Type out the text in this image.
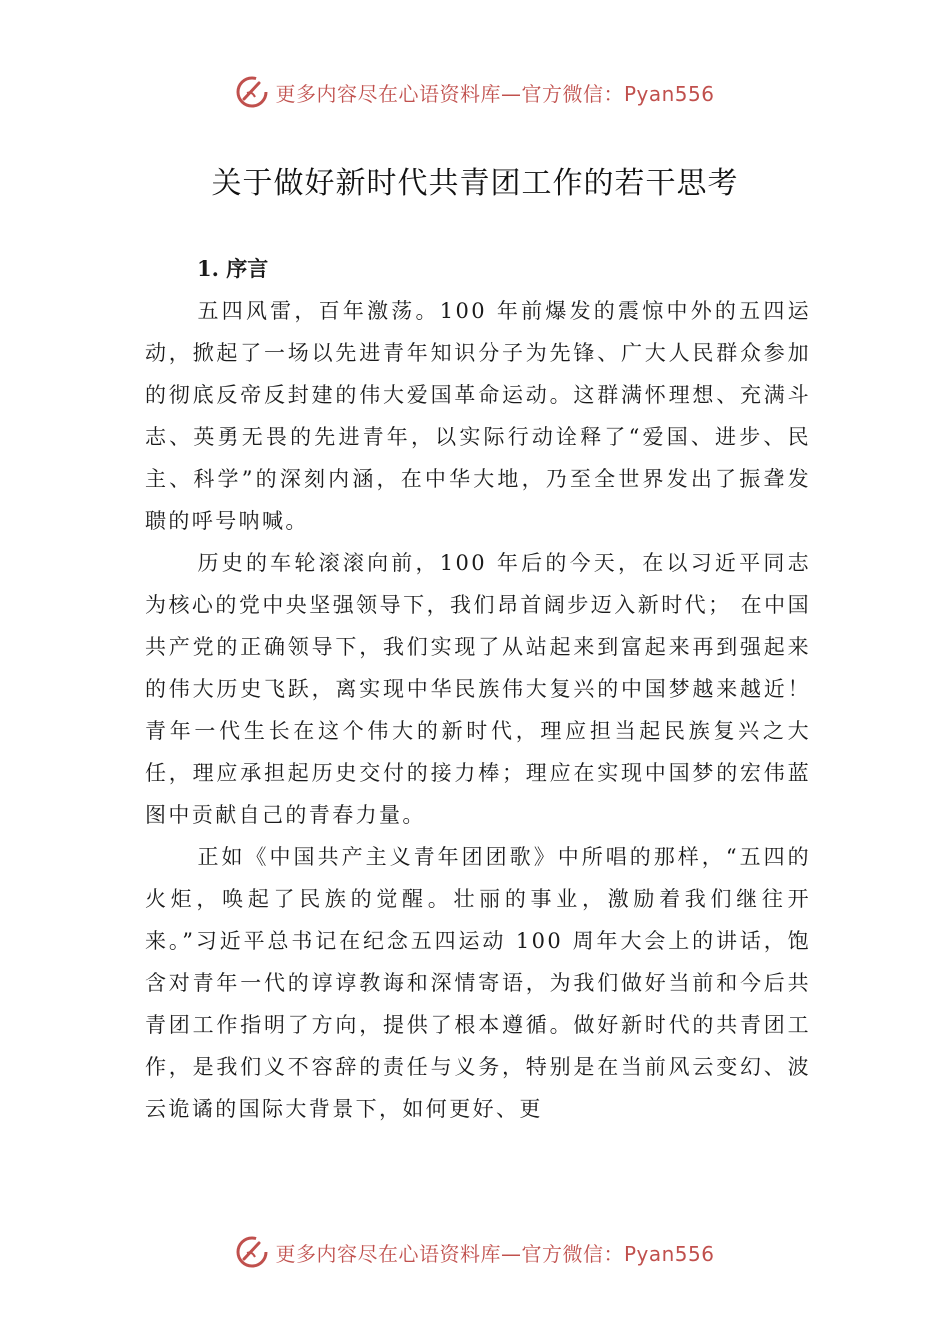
更多内容尽在心语资料库—官方微信：Pyan556
关于做好新时代共青团工作的若干思考

1. 序言

五四风雷，百年激荡。100 年前爆发的震惊中外的五四运动，掀起了一场以先进青年知识分子为先锋、广大人民群众参加的彻底反帝反封建的伟大爱国革命运动。这群满怀理想、充满斗志、英勇无畏的先进青年，以实际行动诠释了“爱国、进步、民主、科学”的深刻内涵，在中华大地，乃至全世界发出了振聋发聩的呼号呐喊。

历史的车轮滚滚向前，100 年后的今天，在以习近平同志为核心的党中央坚强领导下，我们昂首阔步迈入新时代； 在中国共产党的正确领导下，我们实现了从站起来到富起来再到强起来的伟大历史飞跃，离实现中华民族伟大复兴的中国梦越来越近！青年一代生长在这个伟大的新时代，理应担当起民族复兴之大任，理应承担起历史交付的接力棒；理应在实现中国梦的宏伟蓝图中贡献自己的青春力量。

正如《中国共产主义青年团团歌》中所唱的那样，“五四的火炬，唤起了民族的觉醒。壮丽的事业，激励着我们继往开来。”习近平总书记在纪念五四运动 100 周年大会上的讲话，饱含对青年一代的谆谆教诲和深情寄语，为我们做好当前和今后共青团工作指明了方向，提供了根本遵循。做好新时代的共青团工作，是我们义不容辞的责任与义务，特别是在当前风云变幻、波云诡谲的国际大背景下，如何更好、更

更多内容尽在心语资料库—官方微信：Pyan556
